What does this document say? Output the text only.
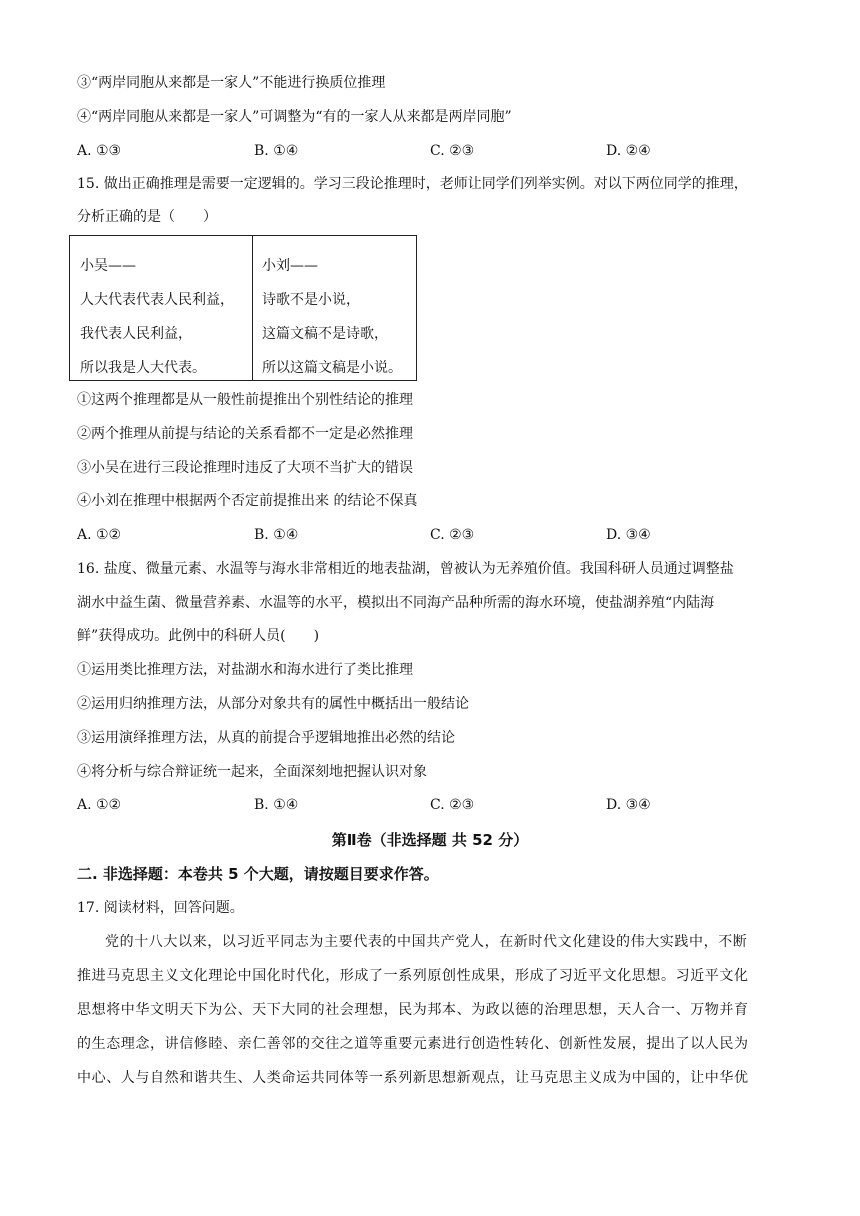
③“两岸同胞从来都是一家人”不能进行换质位推理
④“两岸同胞从来都是一家人”可调整为“有的一家人从来都是两岸同胞”
A. ①③	B. ①④	C. ②③	D. ②④
15. 做出正确推理是需要一定逻辑的。学习三段论推理时，老师让同学们列举实例。对以下两位同学的推理，
分析正确的是（　　）
小吴——
人大代表代表人民利益，
我代表人民利益，
所以我是人大代表。
小刘——
诗歌不是小说，
这篇文稿不是诗歌，
所以这篇文稿是小说。
①这两个推理都是从一般性前提推出个别性结论的推理
②两个推理从前提与结论的关系看都不一定是必然推理
③小吴在进行三段论推理时违反了大项不当扩大的错误
④小刘在推理中根据两个否定前提推出来 的结论不保真
A. ①②	B. ①④	C. ②③	D. ③④
16. 盐度、微量元素、水温等与海水非常相近的地表盐湖，曾被认为无养殖价值。我国科研人员通过调整盐
湖水中益生菌、微量营养素、水温等的水平，模拟出不同海产品种所需的海水环境，使盐湖养殖“内陆海
鲜”获得成功。此例中的科研人员(　　)
①运用类比推理方法，对盐湖水和海水进行了类比推理
②运用归纳推理方法，从部分对象共有的属性中概括出一般结论
③运用演绎推理方法，从真的前提合乎逻辑地推出必然的结论
④将分析与综合辩证统一起来，全面深刻地把握认识对象
A. ①②	B. ①④	C. ②③	D. ③④
第Ⅱ卷（非选择题 共 52 分）
二. 非选择题：本卷共 5 个大题，请按题目要求作答。
17. 阅读材料，回答问题。
党的十八大以来，以习近平同志为主要代表的中国共产党人，在新时代文化建设的伟大实践中，不断
推进马克思主义文化理论中国化时代化，形成了一系列原创性成果，形成了习近平文化思想。习近平文化
思想将中华文明天下为公、天下大同的社会理想，民为邦本、为政以德的治理思想，天人合一、万物并育
的生态理念，讲信修睦、亲仁善邻的交往之道等重要元素进行创造性转化、创新性发展，提出了以人民为
中心、人与自然和谐共生、人类命运共同体等一系列新思想新观点，让马克思主义成为中国的，让中华优
